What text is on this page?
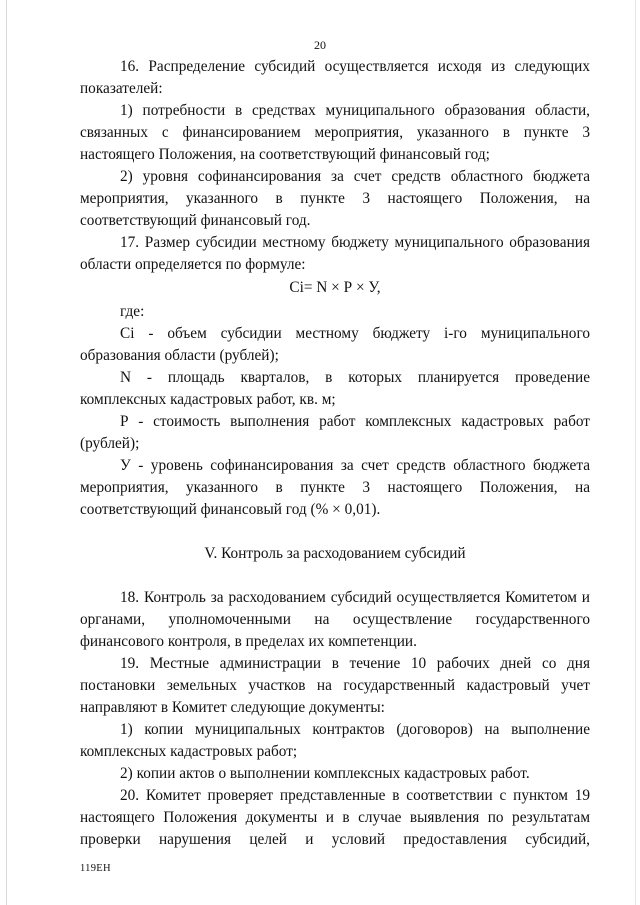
20

16. Распределение субсидий осуществляется исходя из следующих показателей:

1) потребности в средствах муниципального образования области, связанных с финансированием мероприятия, указанного в пункте 3 настоящего Положения, на соответствующий финансовый год;

2) уровня софинансирования за счет средств областного бюджета мероприятия, указанного в пункте 3 настоящего Положения, на соответствующий финансовый год.

17. Размер субсидии местному бюджету муниципального образования области определяется по формуле:

Сi= N × Р × У,

где:

Сi - объем субсидии местному бюджету i-го муниципального образования области (рублей);

N - площадь кварталов, в которых планируется проведение комплексных кадастровых работ, кв. м;

Р - стоимость выполнения работ комплексных кадастровых работ (рублей);

У - уровень софинансирования за счет средств областного бюджета мероприятия, указанного в пункте 3 настоящего Положения, на соответствующий финансовый год (% × 0,01).

V. Контроль за расходованием субсидий

18. Контроль за расходованием субсидий осуществляется Комитетом и органами, уполномоченными на осуществление государственного финансового контроля, в пределах их компетенции.

19. Местные администрации в течение 10 рабочих дней со дня постановки земельных участков на государственный кадастровый учет направляют в Комитет следующие документы:

1) копии муниципальных контрактов (договоров) на выполнение комплексных кадастровых работ;

2) копии актов о выполнении комплексных кадастровых работ.

20. Комитет проверяет представленные в соответствии с пунктом 19 настоящего Положения документы и в случае выявления по результатам проверки нарушения целей и условий предоставления субсидий,

119ЕН
